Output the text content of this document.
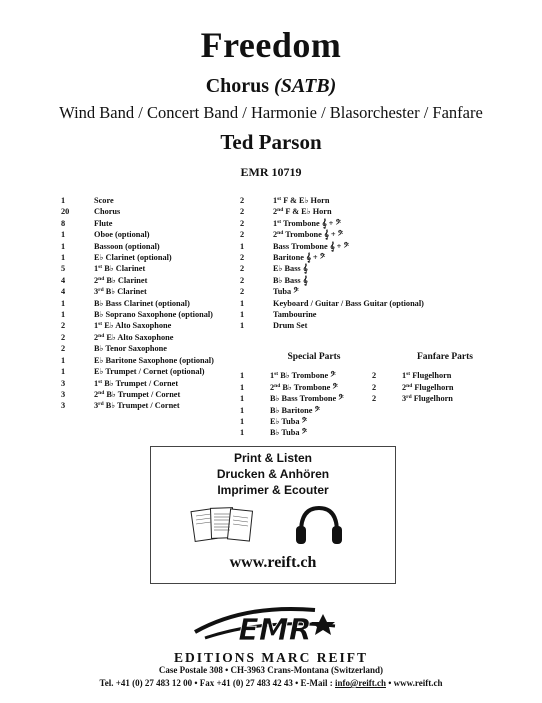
Freedom
Chorus (SATB)
Wind Band / Concert Band / Harmonie / Blasorchester / Fanfare
Ted Parson
EMR 10719
1	Score
20	Chorus
8	Flute
1	Oboe (optional)
1	Bassoon (optional)
1	E♭ Clarinet (optional)
5	1st B♭ Clarinet
4	2nd B♭ Clarinet
4	3rd B♭ Clarinet
1	B♭ Bass Clarinet (optional)
1	B♭ Soprano Saxophone (optional)
2	1st E♭ Alto Saxophone
2	2nd E♭ Alto Saxophone
2	B♭ Tenor Saxophone
1	E♭ Baritone Saxophone (optional)
1	E♭ Trumpet / Cornet (optional)
3	1st B♭ Trumpet / Cornet
3	2nd B♭ Trumpet / Cornet
3	3rd B♭ Trumpet / Cornet
2	1st F & E♭ Horn
2	2nd F & E♭ Horn
2	1st Trombone 𝄞 + 𝄢
2	2nd Trombone 𝄞 + 𝄢
1	Bass Trombone 𝄞 + 𝄢
2	Baritone 𝄞 + 𝄢
2	E♭ Bass 𝄞
2	B♭ Bass 𝄞
2	Tuba 𝄢
1	Keyboard / Guitar / Bass Guitar (optional)
1	Tambourine
1	Drum Set
Special Parts
1	1st B♭ Trombone 𝄢
1	2nd B♭ Trombone 𝄢
1	B♭ Bass Trombone 𝄢
1	B♭ Baritone 𝄢
1	E♭ Tuba 𝄢
1	B♭ Tuba 𝄢
Fanfare Parts
2	1st Flugelhorn
2	2nd Flugelhorn
2	3rd Flugelhorn
Print & Listen
Drucken & Anhören
Imprimer & Ecouter
www.reift.ch
EMR
EDITIONS MARC REIFT
Case Postale 308 • CH-3963 Crans-Montana (Switzerland)
Tel. +41 (0) 27 483 12 00 • Fax +41 (0) 27 483 42 43 • E-Mail : info@reift.ch • www.reift.ch
